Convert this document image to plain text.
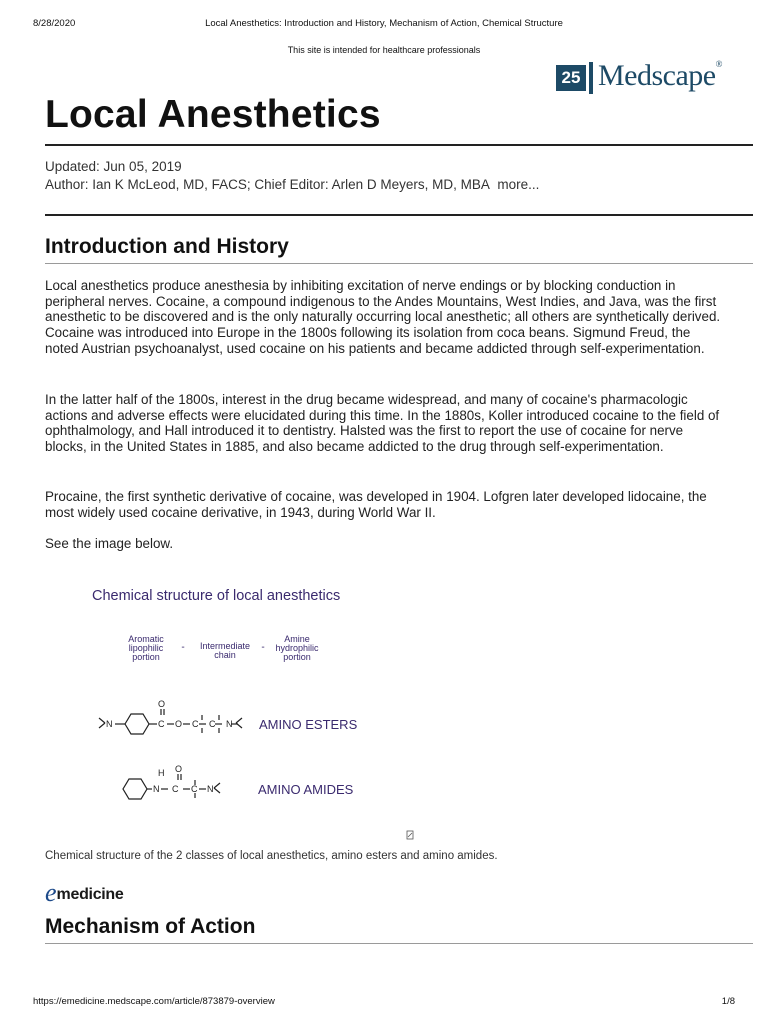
8/28/2020	Local Anesthetics: Introduction and History, Mechanism of Action, Chemical Structure
This site is intended for healthcare professionals
25 Medscape®
Local Anesthetics
Updated: Jun 05, 2019
Author: Ian K McLeod, MD, FACS; Chief Editor: Arlen D Meyers, MD, MBA more...
Introduction and History

Local anesthetics produce anesthesia by inhibiting excitation of nerve endings or by blocking conduction in peripheral nerves. Cocaine, a compound indigenous to the Andes Mountains, West Indies, and Java, was the first anesthetic to be discovered and is the only naturally occurring local anesthetic; all others are synthetically derived. Cocaine was introduced into Europe in the 1800s following its isolation from coca beans. Sigmund Freud, the noted Austrian psychoanalyst, used cocaine on his patients and became addicted through self-experimentation.

In the latter half of the 1800s, interest in the drug became widespread, and many of cocaine's pharmacologic actions and adverse effects were elucidated during this time. In the 1880s, Koller introduced cocaine to the field of ophthalmology, and Hall introduced it to dentistry. Halsted was the first to report the use of cocaine for nerve blocks, in the United States in 1885, and also became addicted to the drug through self-experimentation.

Procaine, the first synthetic derivative of cocaine, was developed in 1904. Lofgren later developed lidocaine, the most widely used cocaine derivative, in 1943, during World War II.

See the image below.

Chemical structure of local anesthetics
Aromatic
lipophilic
portion
- Intermediate
chain
-
Amine
hydrophilic
portion
N
O
C O C C N AMINO ESTERS
H O
N C C N	AMINO AMIDES
Chemical structure of the 2 classes of local anesthetics, amino esters and amino amides.
emedicine
Mechanism of Action
https://emedicine.medscape.com/article/873879-overview	1/8
